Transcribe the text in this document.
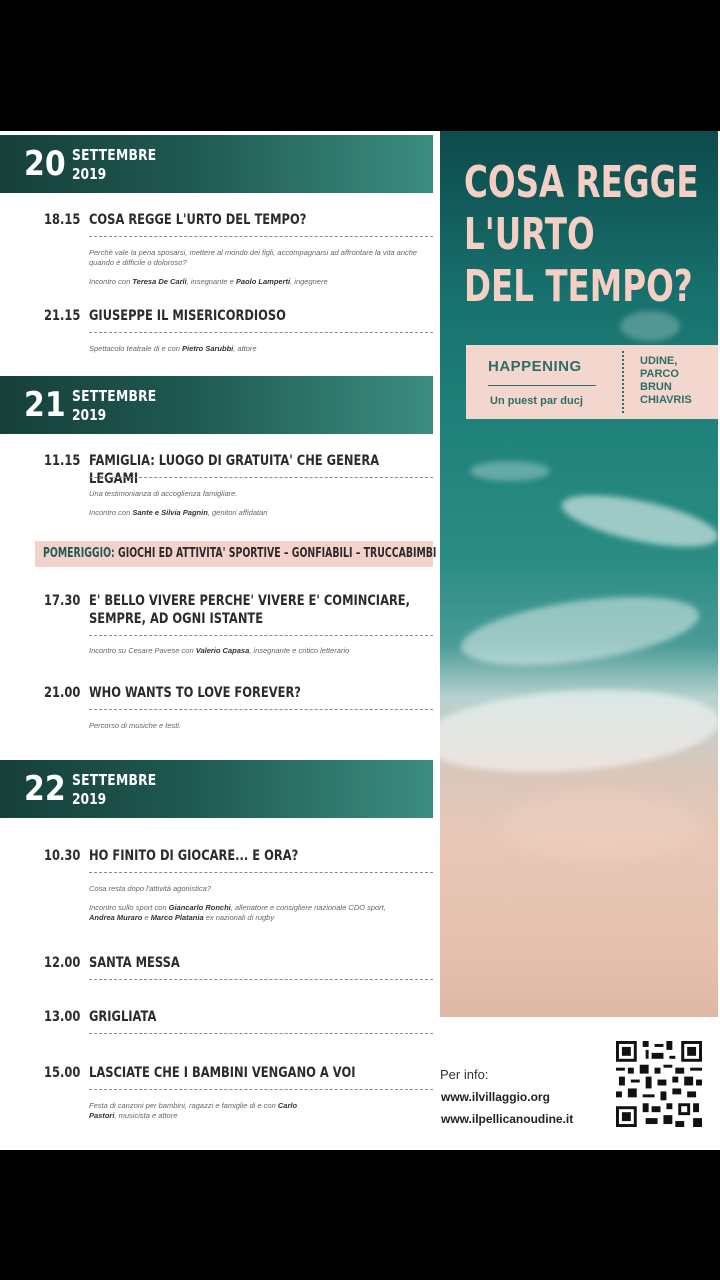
20 SETTEMBRE
2019
18.15 COSA REGGE L'URTO DEL TEMPO?
Perchè vale la pena sposarsi, mettere al mondo dei figli, accompagnarsi ad affrontare la vita anche quando è difficile o doloroso?
Incontro con Teresa De Carli, insegnante e Paolo Lamperti, ingegnere
21.15 GIUSEPPE IL MISERICORDIOSO
Spettacolo teatrale di e con Pietro Sarubbi, attore
21 SETTEMBRE
2019
11.15 FAMIGLIA: LUOGO DI GRATUITA' CHE GENERA LEGAMI
Una testimonianza di accoglienza famigliare.
Incontro con Sante e Silvia Pagnin, genitori affidatari
POMERIGGIO: GIOCHI ED ATTIVITA' SPORTIVE – GONFIABILI – TRUCCABIMBI
17.30 E' BELLO VIVERE PERCHE' VIVERE E' COMINCIARE,
SEMPRE, AD OGNI ISTANTE
Incontro su Cesare Pavese con Valerio Capasa, insegnante e critico letterario
21.00 WHO WANTS TO LOVE FOREVER?
Percorso di musiche e testi.
22 SETTEMBRE
2019
10.30 HO FINITO DI GIOCARE... E ORA?
Cosa resta dopo l'attività agonistica?
Incontro sullo sport con Giancarlo Ronchi, allenatore e consigliere nazionale CDO sport, Andrea Muraro e Marco Platania ex nazionali di rugby
12.00 SANTA MESSA
13.00 GRIGLIATA
15.00 LASCIATE CHE I BAMBINI VENGANO A VOI
Festa di canzoni per bambini, ragazzi e famiglie di e con Carlo Pastori, musicista e attore
COSA REGGE
L'URTO
DEL TEMPO?
HAPPENING
Un puest par ducj
UDINE,
PARCO
BRUN
CHIAVRIS
Per info:
www.ilvillaggio.org
www.ilpellicanoudine.it
